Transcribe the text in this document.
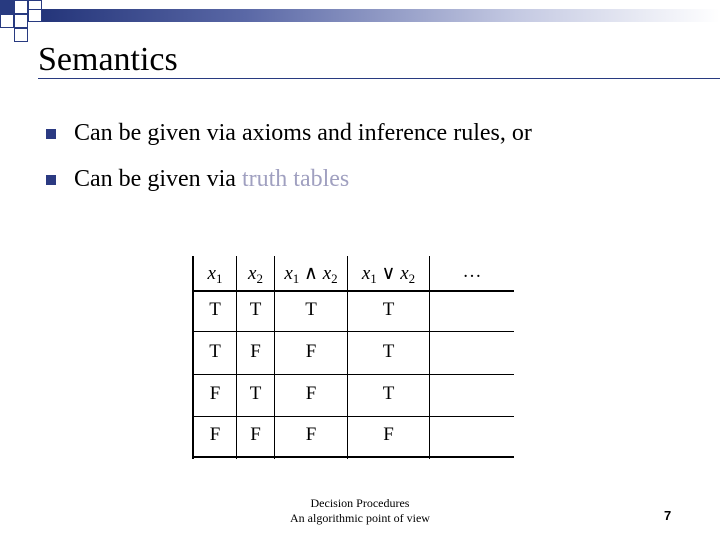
Semantics
Can be given via axioms and inference rules, or
Can be given via truth tables
$x_1$	$x_2$	$x_1$ ∧ $x_2$	$x_1$ ∨ $x_2$	…
T	T	T	T
T	F	F	T
F	T	F	T
F	F	F	F
Decision Procedures
An algorithmic point of view	7
